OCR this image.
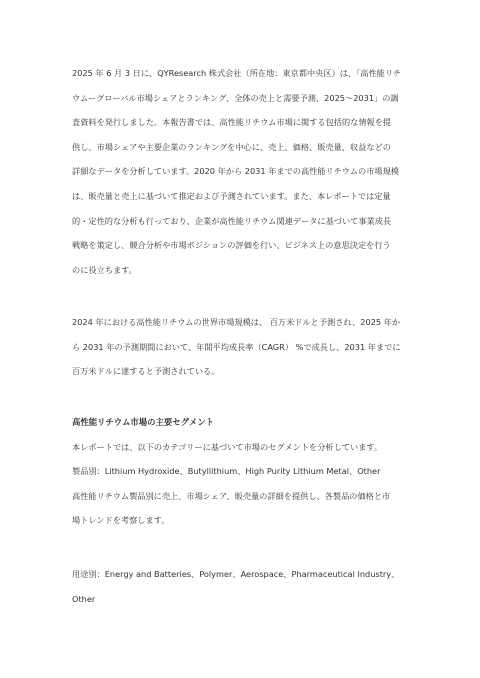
2025 年 6 月 3 日に、QYResearch 株式会社（所在地：東京都中央区）は、「高性能リチ
ウムーグローバル市場シェアとランキング、全体の売上と需要予測、2025～2031」の調
査資料を発行しました。本報告書では、高性能リチウム市場に関する包括的な情報を提
供し、市場シェアや主要企業のランキングを中心に、売上、価格、販売量、収益などの
詳細なデータを分析しています。2020 年から 2031 年までの高性能リチウムの市場規模
は、販売量と売上に基づいて推定および予測されています。また、本レポートでは定量
的・定性的な分析も行っており、企業が高性能リチウム関連データに基づいて事業成長
戦略を策定し、競合分析や市場ポジションの評価を行い、ビジネス上の意思決定を行う
のに役立ちます。
2024 年における高性能リチウムの世界市場規模は、 百万米ドルと予測され、2025 年か
ら 2031 年の予測期間において、年間平均成長率（CAGR） %で成長し、2031 年までに
百万米ドルに達すると予測されている。
高性能リチウム市場の主要セグメント
本レポートでは、以下のカテゴリーに基づいて市場のセグメントを分析しています。
製品別：Lithium Hydroxide、Butyllithium、High Purity Lithium Metal、Other
高性能リチウム製品別に売上、市場シェア、販売量の詳細を提供し、各製品の価格と市
場トレンドを考察します。
用途別：Energy and Batteries、Polymer、Aerospace、Pharmaceutical Industry、
Other
